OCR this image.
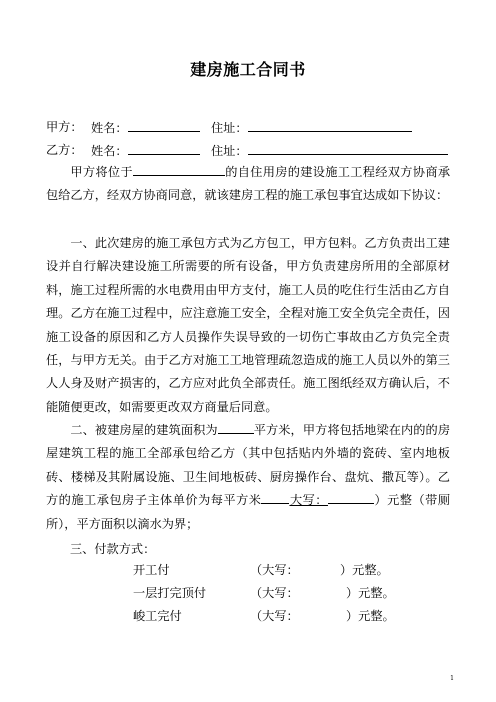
建房施工合同书
甲方： 姓名：	住址：
乙方： 姓名：	住址：
甲方将位于	的自住用房的建设施工工程经双方协商承包给乙方，经双方协商同意，就该建房工程的施工承包事宜达成如下协议：
一、此次建房的施工承包方式为乙方包工，甲方包料。乙方负责出工建设并自行解决建设施工所需要的所有设备，甲方负责建房所用的全部原材料，施工过程所需的水电费用由甲方支付，施工人员的吃住行生活由乙方自理。乙方在施工过程中，应注意施工安全，全程对施工安全负完全责任，因施工设备的原因和乙方人员操作失误导致的一切伤亡事故由乙方负完全责任，与甲方无关。由于乙方对施工工地管理疏忽造成的施工人员以外的第三人人身及财产损害的，乙方应对此负全部责任。施工图纸经双方确认后，不能随便更改，如需要更改双方商量后同意。
二、被建房屋的建筑面积为	平方米，甲方将包括地梁在内的的房屋建筑工程的施工全部承包给乙方（其中包括贴内外墙的瓷砖、室内地板砖、楼梯及其附属设施、卫生间地板砖、厨房操作台、盘炕、撒瓦等）。乙方的施工承包房子主体单价为每平方米 大写：	）元整（带厕所），平方面积以滴水为界；
三、付款方式：
开工付	（大写：	）元整。
一层打完顶付	（大写：	）元整。
峻工完付	（大写：	）元整。
1
